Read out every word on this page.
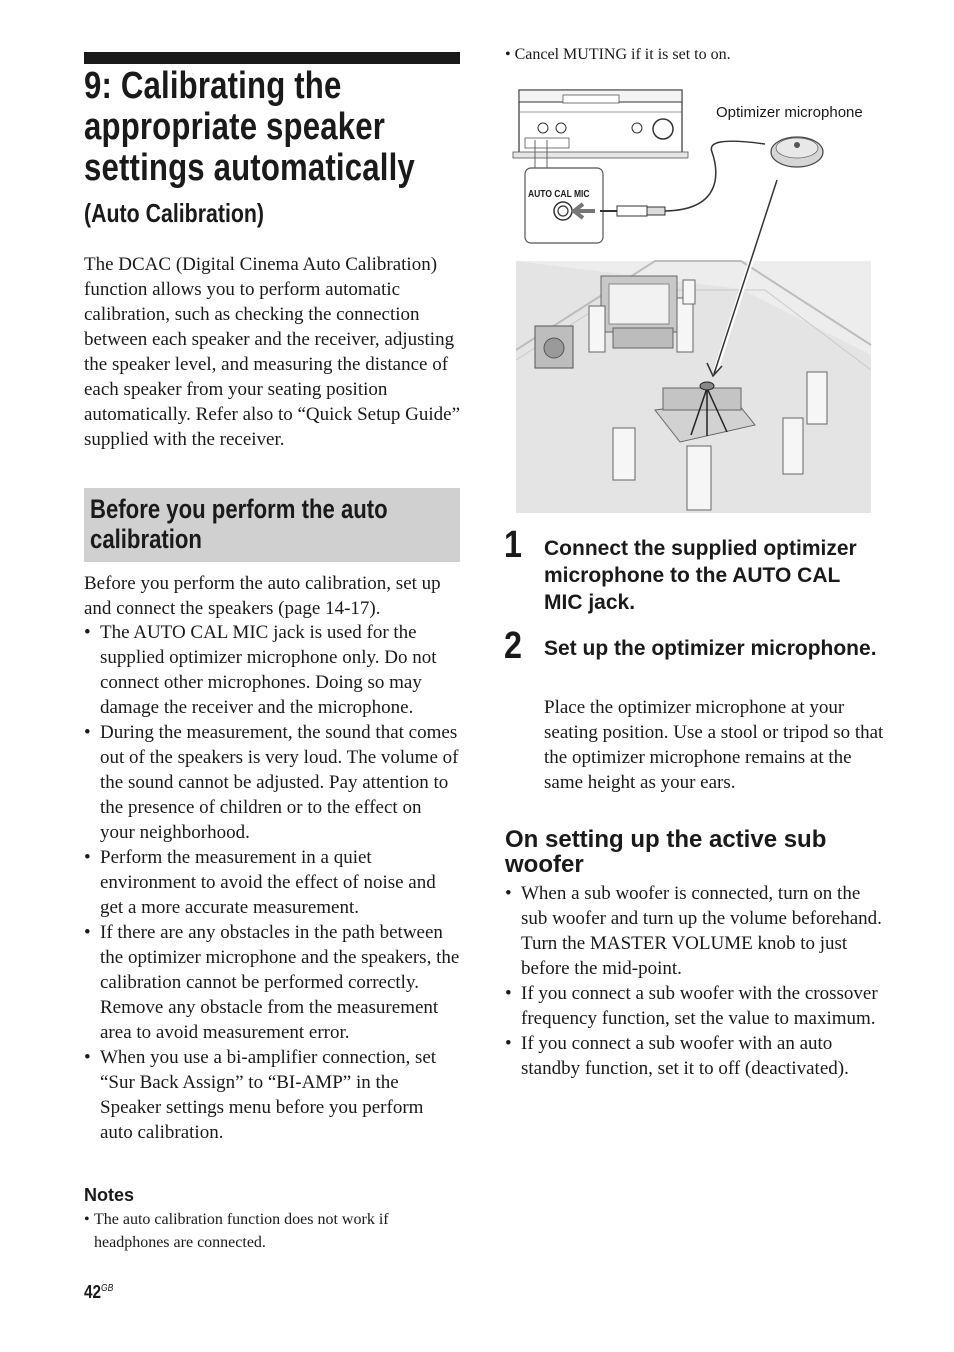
9: Calibrating the
appropriate speaker
settings automatically
(Auto Calibration)
The DCAC (Digital Cinema Auto Calibration) function allows you to perform automatic calibration, such as checking the connection between each speaker and the receiver, adjusting the speaker level, and measuring the distance of each speaker from your seating position automatically. Refer also to “Quick Setup Guide” supplied with the receiver.
Before you perform the auto calibration
Before you perform the auto calibration, set up and connect the speakers (page 14-17).
• The AUTO CAL MIC jack is used for the supplied optimizer microphone only. Do not connect other microphones. Doing so may damage the receiver and the microphone.
• During the measurement, the sound that comes out of the speakers is very loud. The volume of the sound cannot be adjusted. Pay attention to the presence of children or to the effect on your neighborhood.
• Perform the measurement in a quiet environment to avoid the effect of noise and get a more accurate measurement.
• If there are any obstacles in the path between the optimizer microphone and the speakers, the calibration cannot be performed correctly. Remove any obstacle from the measurement area to avoid measurement error.
• When you use a bi-amplifier connection, set “Sur Back Assign” to “BI-AMP” in the Speaker settings menu before you perform auto calibration.
Notes
• The auto calibration function does not work if headphones are connected.
$42^{GB}$
• Cancel MUTING if it is set to on.
Optimizer microphone
AUTO CAL MIC
1 Connect the supplied optimizer microphone to the AUTO CAL MIC jack.
2 Set up the optimizer microphone.
Place the optimizer microphone at your seating position. Use a stool or tripod so that the optimizer microphone remains at the same height as your ears.
On setting up the active sub woofer
• When a sub woofer is connected, turn on the sub woofer and turn up the volume beforehand. Turn the MASTER VOLUME knob to just before the mid-point.
• If you connect a sub woofer with the crossover frequency function, set the value to maximum.
• If you connect a sub woofer with an auto standby function, set it to off (deactivated).
